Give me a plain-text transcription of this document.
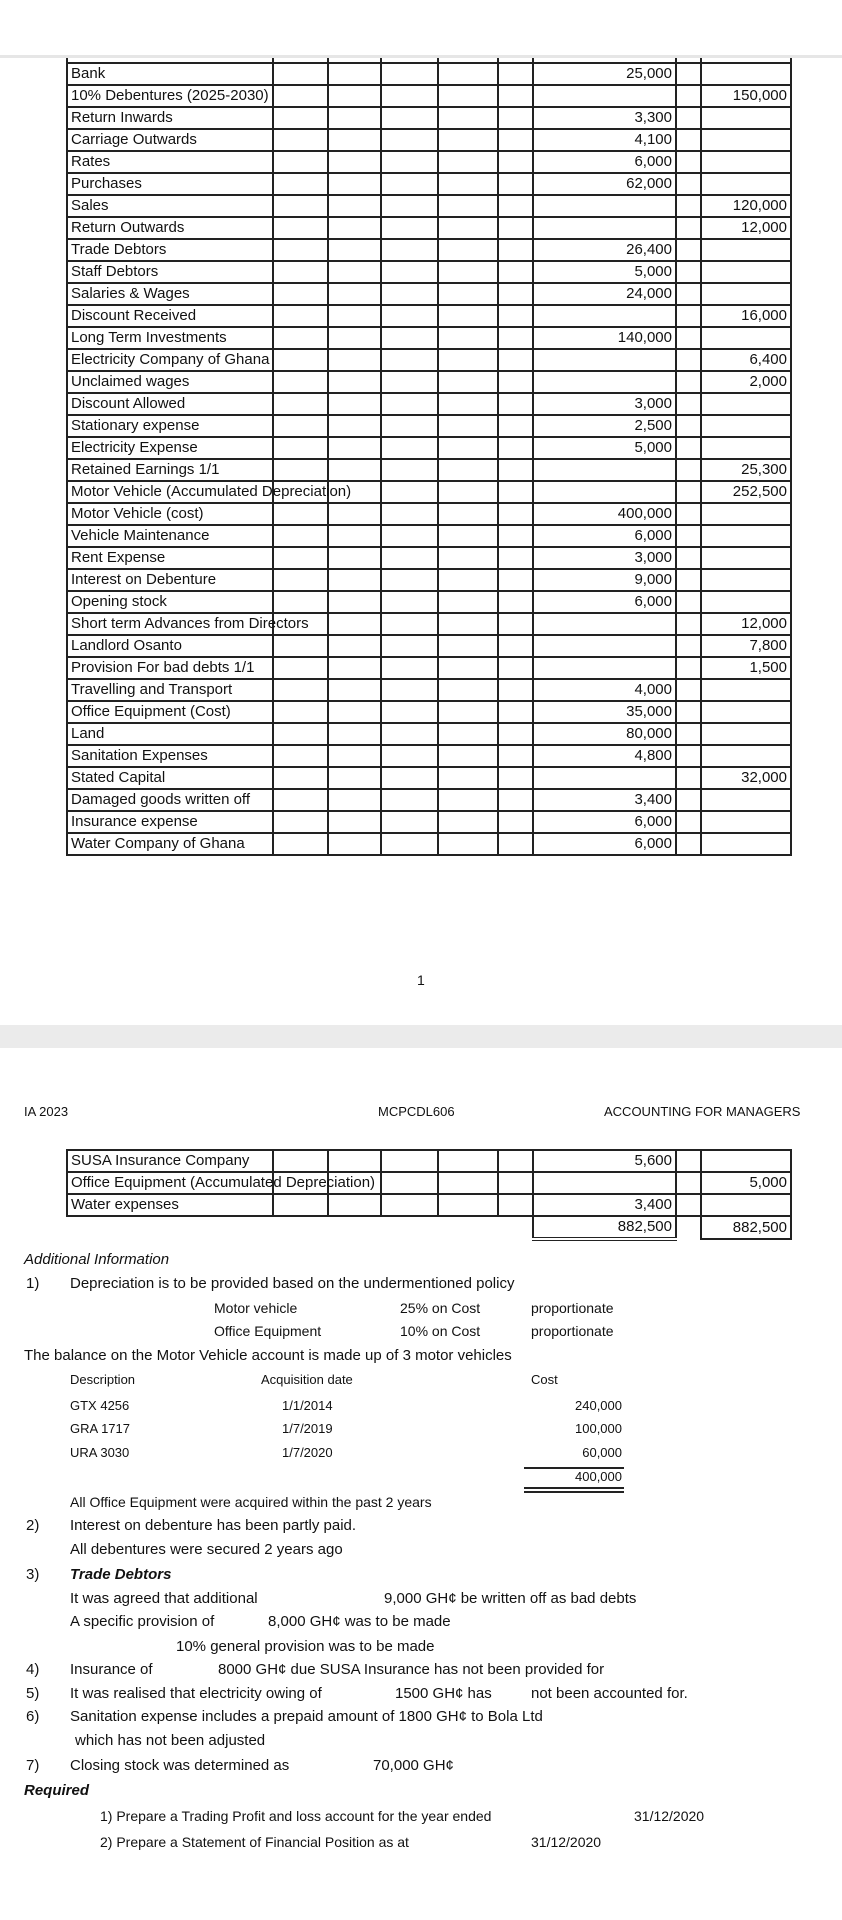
Bank							25,000			
10% Debentures (2025-2030)										150,000
Return Inwards							3,300			
Carriage Outwards							4,100			
Rates							6,000			
Purchases							62,000			
Sales										120,000
Return Outwards										12,000
Trade Debtors							26,400			
Staff Debtors							5,000			
Salaries & Wages							24,000			
Discount Received										16,000
Long Term Investments							140,000			
Electricity Company of Ghana										6,400
Unclaimed wages										2,000
Discount Allowed							3,000			
Stationary expense							2,500			
Electricity Expense							5,000			
Retained Earnings 1/1										25,300
Motor Vehicle (Accumulated Depreciation)										252,500
Motor Vehicle (cost)							400,000			
Vehicle Maintenance							6,000			
Rent Expense							3,000			
Interest on Debenture							9,000			
Opening stock							6,000			
Short term Advances from Directors										12,000
Landlord Osanto										7,800
Provision For bad debts 1/1										1,500
Travelling and Transport							4,000			
Office Equipment (Cost)							35,000			
Land							80,000			
Sanitation Expenses							4,800			
Stated Capital										32,000
Damaged goods written off							3,400			
Insurance expense							6,000			
Water Company of Ghana							6,000			
1
IA 2023	MCPCDL606	ACCOUNTING FOR MANAGERS
SUSA Insurance Company							5,600			
Office Equipment (Accumulated Depreciation)										5,000
Water expenses							3,400			
							882,500			882,500
Additional Information
1) Depreciation is to be provided based on the undermentioned policy
Motor vehicle	25% on Cost	proportionate
Office Equipment	10% on Cost	proportionate
The balance on the Motor Vehicle account is made up of 3 motor vehicles
Description	Acquisition date	Cost
GTX 4256	1/1/2014	240,000
GRA 1717	1/7/2019	100,000
URA 3030	1/7/2020	60,000
400,000
All Office Equipment were acquired within the past 2 years
2) Interest on debenture has been partly paid.
All debentures were secured 2 years ago
3) Trade Debtors
It was agreed that additional	9,000 GH¢ be written off as bad debts
A specific provision of	8,000 GH¢ was to be made
10% general provision was to be made
4) Insurance of	8000 GH¢ due SUSA Insurance has not been provided for
5) It was realised that electricity owing of	1500 GH¢ has	not been accounted for.
6) Sanitation expense includes a prepaid amount of 1800 GH¢ to Bola Ltd
which has not been adjusted
7) Closing stock was determined as	70,000 GH¢
Required
1) Prepare a Trading Profit and loss account for the year ended	31/12/2020
2) Prepare a Statement of Financial Position as at	31/12/2020
